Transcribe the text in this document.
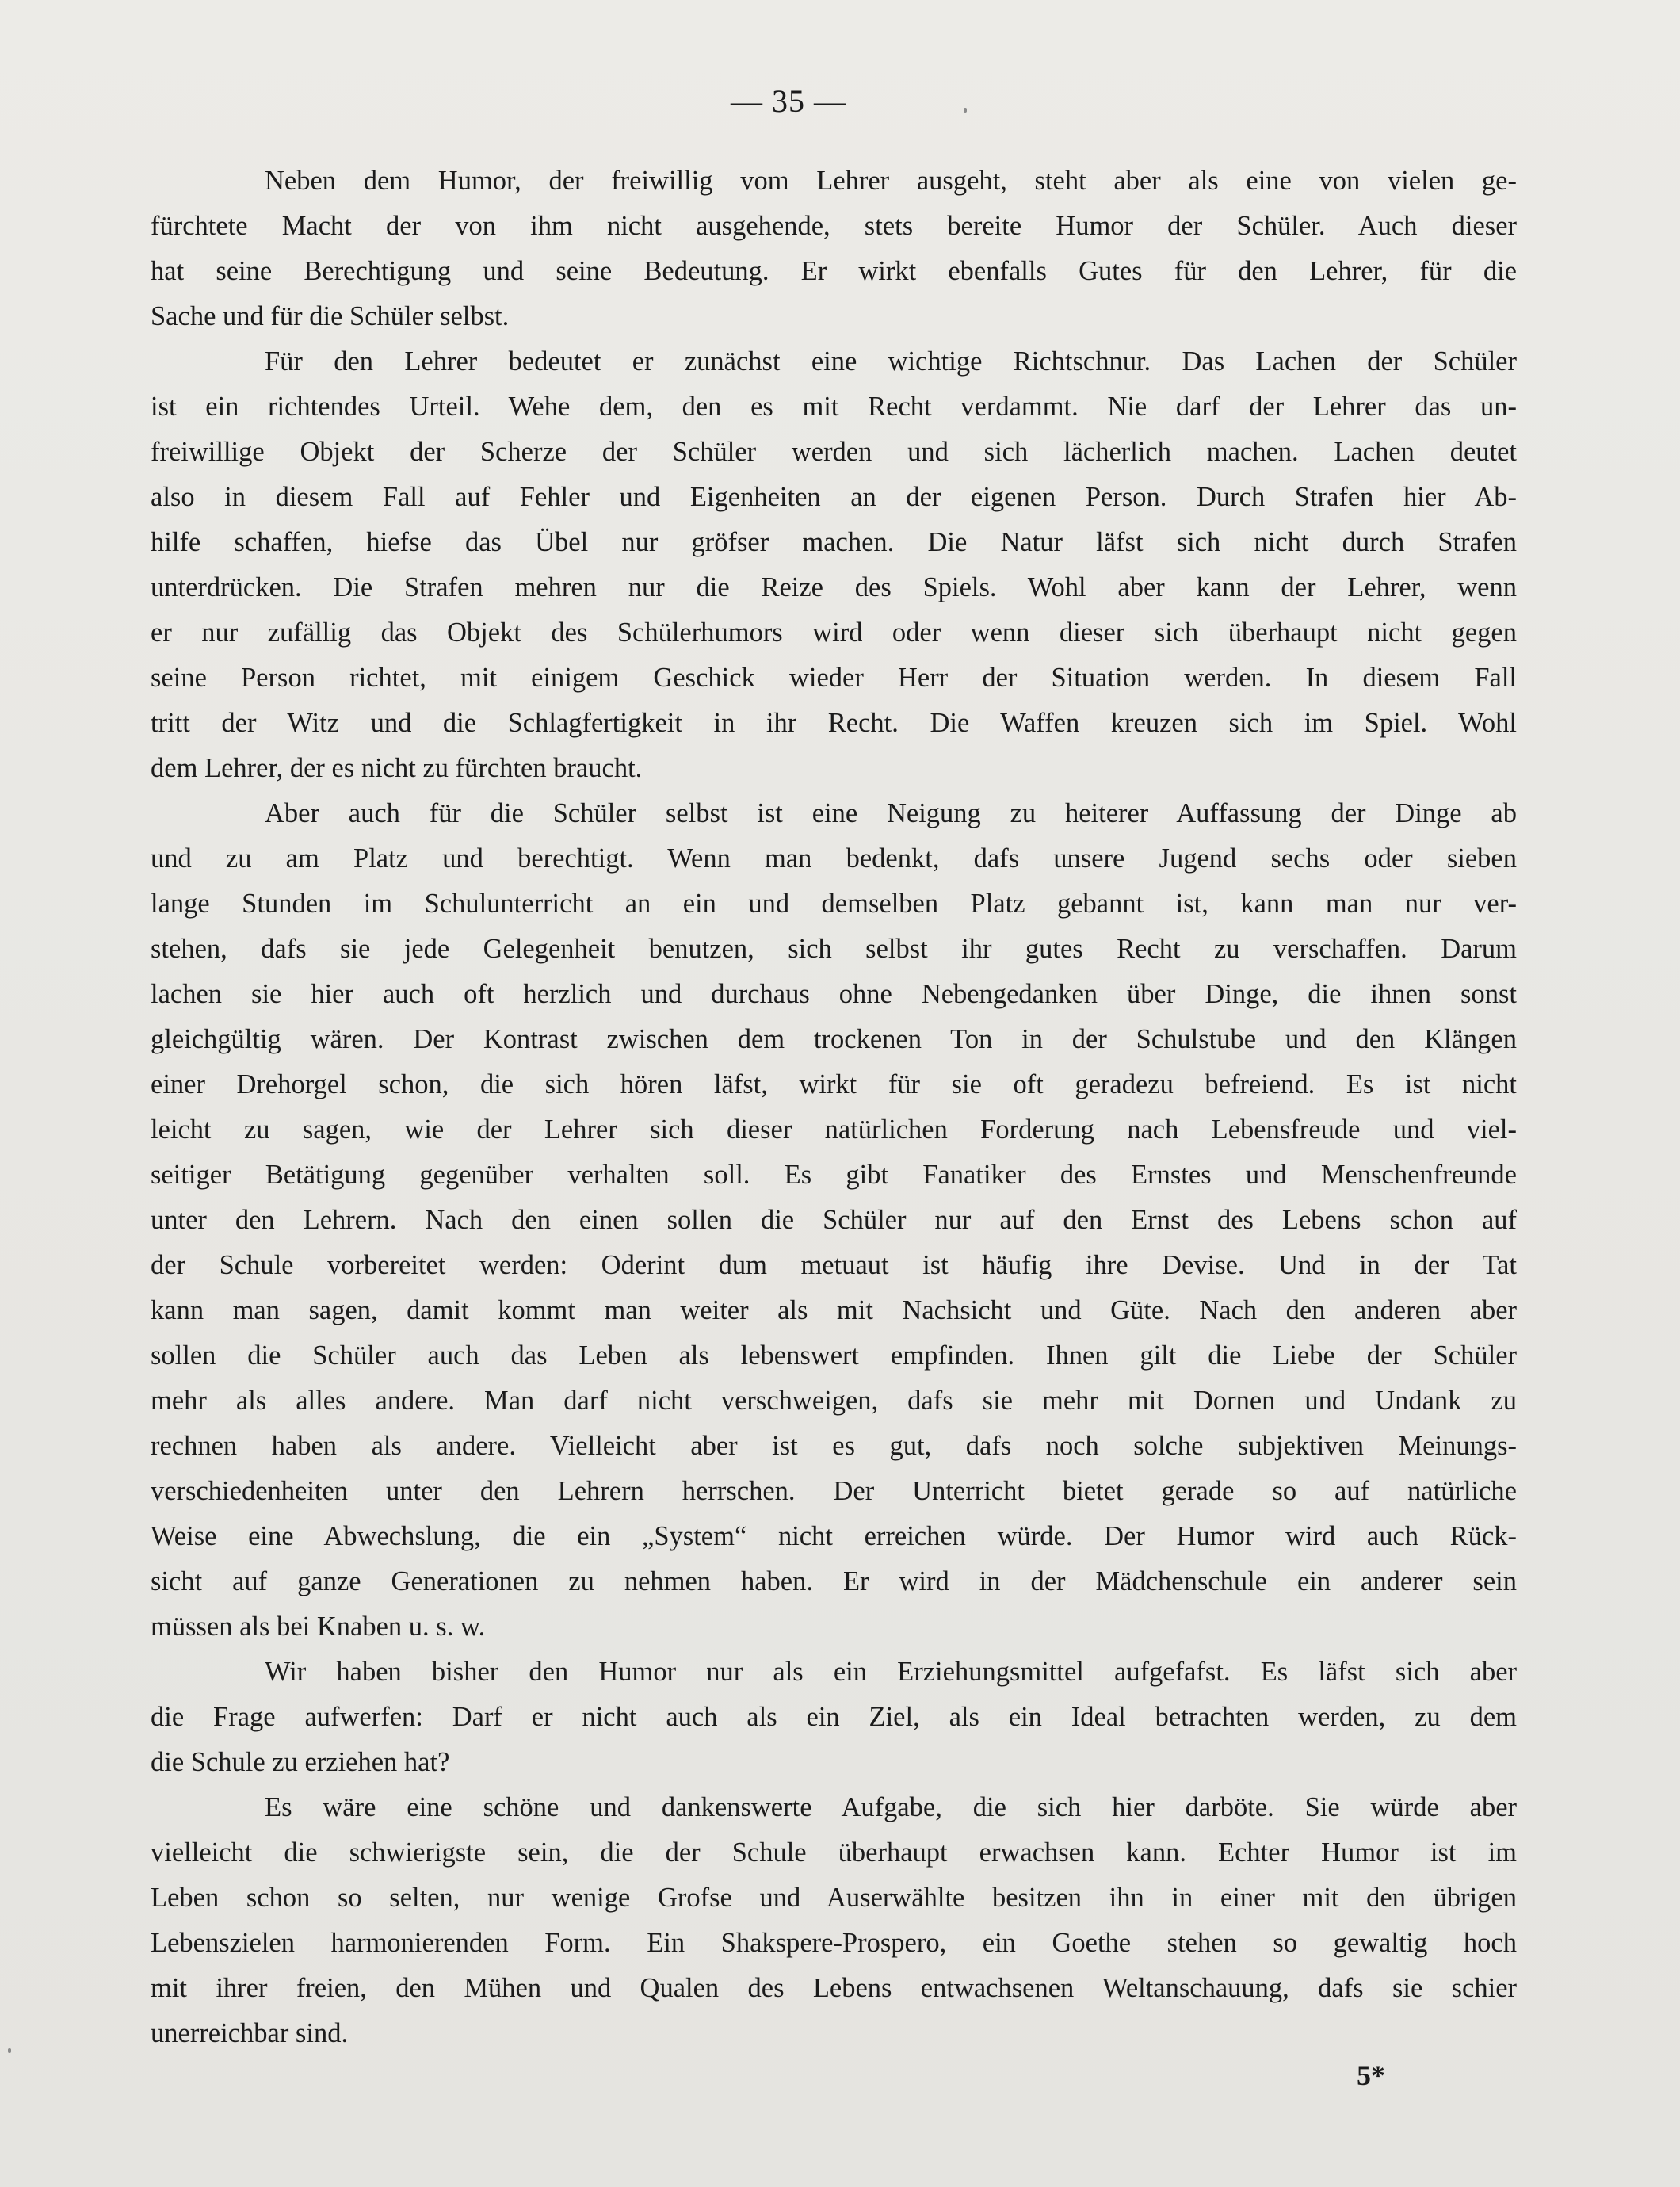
— 35 —
Neben dem Humor, der freiwillig vom Lehrer ausgeht, steht aber als eine von vielen ge-
fürchtete Macht der von ihm nicht ausgehende, stets bereite Humor der Schüler. Auch dieser
hat seine Berechtigung und seine Bedeutung. Er wirkt ebenfalls Gutes für den Lehrer, für die
Sache und für die Schüler selbst.
Für den Lehrer bedeutet er zunächst eine wichtige Richtschnur. Das Lachen der Schüler
ist ein richtendes Urteil. Wehe dem, den es mit Recht verdammt. Nie darf der Lehrer das un-
freiwillige Objekt der Scherze der Schüler werden und sich lächerlich machen. Lachen deutet
also in diesem Fall auf Fehler und Eigenheiten an der eigenen Person. Durch Strafen hier Ab-
hilfe schaffen, hiefse das Übel nur gröfser machen. Die Natur läfst sich nicht durch Strafen
unterdrücken. Die Strafen mehren nur die Reize des Spiels. Wohl aber kann der Lehrer, wenn
er nur zufällig das Objekt des Schülerhumors wird oder wenn dieser sich überhaupt nicht gegen
seine Person richtet, mit einigem Geschick wieder Herr der Situation werden. In diesem Fall
tritt der Witz und die Schlagfertigkeit in ihr Recht. Die Waffen kreuzen sich im Spiel. Wohl
dem Lehrer, der es nicht zu fürchten braucht.
Aber auch für die Schüler selbst ist eine Neigung zu heiterer Auffassung der Dinge ab
und zu am Platz und berechtigt. Wenn man bedenkt, dafs unsere Jugend sechs oder sieben
lange Stunden im Schulunterricht an ein und demselben Platz gebannt ist, kann man nur ver-
stehen, dafs sie jede Gelegenheit benutzen, sich selbst ihr gutes Recht zu verschaffen. Darum
lachen sie hier auch oft herzlich und durchaus ohne Nebengedanken über Dinge, die ihnen sonst
gleichgültig wären. Der Kontrast zwischen dem trockenen Ton in der Schulstube und den Klängen
einer Drehorgel schon, die sich hören läfst, wirkt für sie oft geradezu befreiend. Es ist nicht
leicht zu sagen, wie der Lehrer sich dieser natürlichen Forderung nach Lebensfreude und viel-
seitiger Betätigung gegenüber verhalten soll. Es gibt Fanatiker des Ernstes und Menschenfreunde
unter den Lehrern. Nach den einen sollen die Schüler nur auf den Ernst des Lebens schon auf
der Schule vorbereitet werden: Oderint dum metuaut ist häufig ihre Devise. Und in der Tat
kann man sagen, damit kommt man weiter als mit Nachsicht und Güte. Nach den anderen aber
sollen die Schüler auch das Leben als lebenswert empfinden. Ihnen gilt die Liebe der Schüler
mehr als alles andere. Man darf nicht verschweigen, dafs sie mehr mit Dornen und Undank zu
rechnen haben als andere. Vielleicht aber ist es gut, dafs noch solche subjektiven Meinungs-
verschiedenheiten unter den Lehrern herrschen. Der Unterricht bietet gerade so auf natürliche
Weise eine Abwechslung, die ein „System“ nicht erreichen würde. Der Humor wird auch Rück-
sicht auf ganze Generationen zu nehmen haben. Er wird in der Mädchenschule ein anderer sein
müssen als bei Knaben u. s. w.
Wir haben bisher den Humor nur als ein Erziehungsmittel aufgefafst. Es läfst sich aber
die Frage aufwerfen: Darf er nicht auch als ein Ziel, als ein Ideal betrachten werden, zu dem
die Schule zu erziehen hat?
Es wäre eine schöne und dankenswerte Aufgabe, die sich hier darböte. Sie würde aber
vielleicht die schwierigste sein, die der Schule überhaupt erwachsen kann. Echter Humor ist im
Leben schon so selten, nur wenige Grofse und Auserwählte besitzen ihn in einer mit den übrigen
Lebenszielen harmonierenden Form. Ein Shakspere-Prospero, ein Goethe stehen so gewaltig hoch
mit ihrer freien, den Mühen und Qualen des Lebens entwachsenen Weltanschauung, dafs sie schier
unerreichbar sind.
5*
